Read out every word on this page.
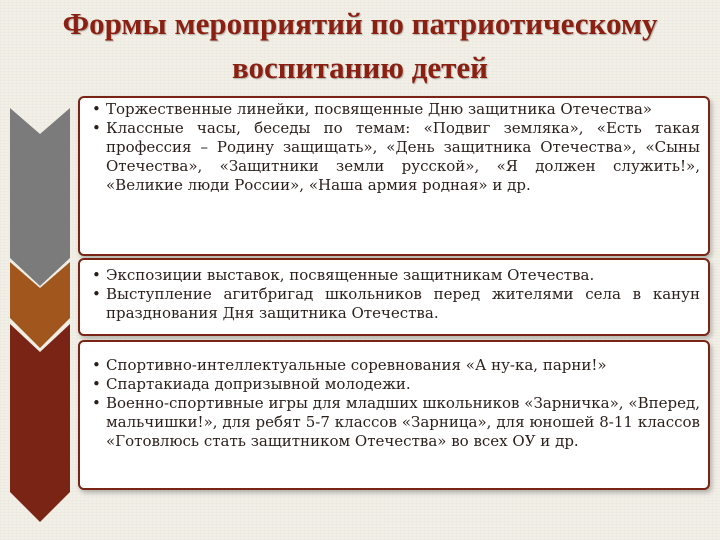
Формы мероприятий по патриотическому воспитанию детей
• Торжественные линейки, посвященные Дню защитника Отечества»
• Классные часы, беседы по темам: «Подвиг земляка», «Есть такая профессия – Родину защищать», «День защитника Отечества», «Сыны Отечества», «Защитники земли русской», «Я должен служить!», «Великие люди России», «Наша армия родная» и др.
• Экспозиции выставок, посвященные защитникам Отечества.
• Выступление агитбригад школьников перед жителями села в канун празднования Дня защитника Отечества.
• Спортивно-интеллектуальные соревнования «А ну-ка, парни!»
• Спартакиада допризывной молодежи.
• Военно-спортивные игры для младших школьников «Зарничка», «Вперед, мальчишки!», для ребят 5-7 классов «Зарница», для юношей 8-11 классов «Готовлюсь стать защитником Отечества» во всех ОУ и др.
